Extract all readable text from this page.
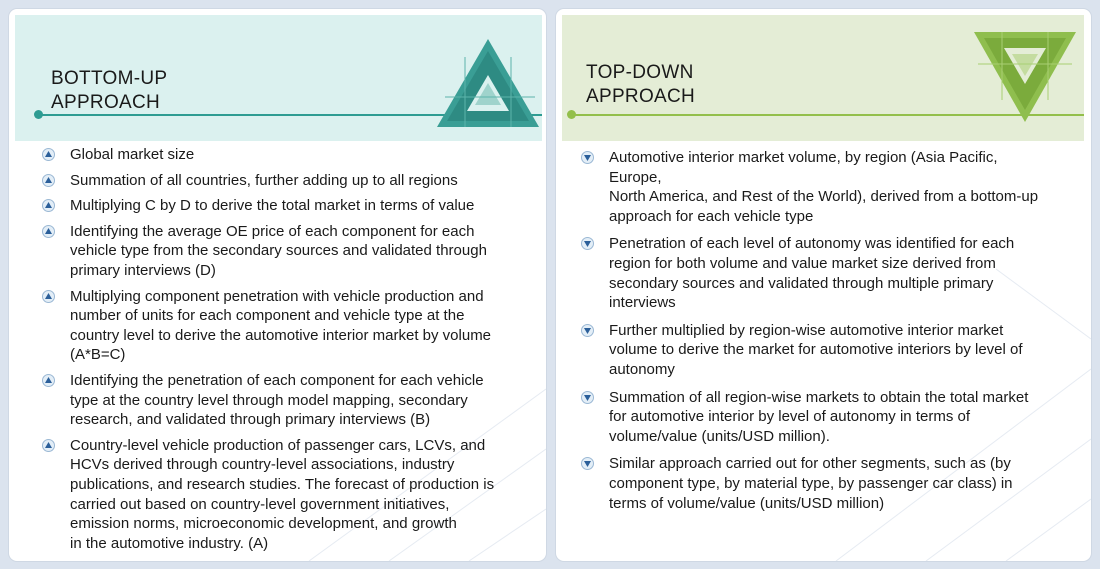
BOTTOM-UP
APPROACH
Global market size
Summation of all countries, further adding up to all regions
Multiplying C by D to derive the total market in terms of value
Identifying the average OE price of each component for each
vehicle type from the secondary sources and validated through
primary interviews (D)
Multiplying component penetration with vehicle production and
number of units for each component and vehicle type at the
country level to derive the automotive interior market by volume
(A*B=C)
Identifying the penetration of each component for each vehicle
type at the country level through model mapping, secondary
research, and validated through primary interviews (B)
Country-level vehicle production of passenger cars, LCVs, and
HCVs derived through country-level associations, industry
publications, and research studies. The forecast of production is
carried out based on country-level government initiatives,
emission norms, microeconomic development, and growth
in the automotive industry. (A)
TOP-DOWN
APPROACH
Automotive interior market volume, by region (Asia Pacific, Europe,
North America, and Rest of the World), derived from a bottom-up
approach for each vehicle type
Penetration of each level of autonomy was identified for each
region for both volume and value market size derived from
secondary sources and validated through multiple primary
interviews
Further multiplied by region-wise automotive interior market
volume to derive the market for automotive interiors by level of
autonomy
Summation of all region-wise markets to obtain the total market
for automotive interior by level of autonomy in terms of
volume/value (units/USD million).
Similar approach carried out for other segments, such as (by
component type, by material type, by passenger car class) in
terms of volume/value (units/USD million)
